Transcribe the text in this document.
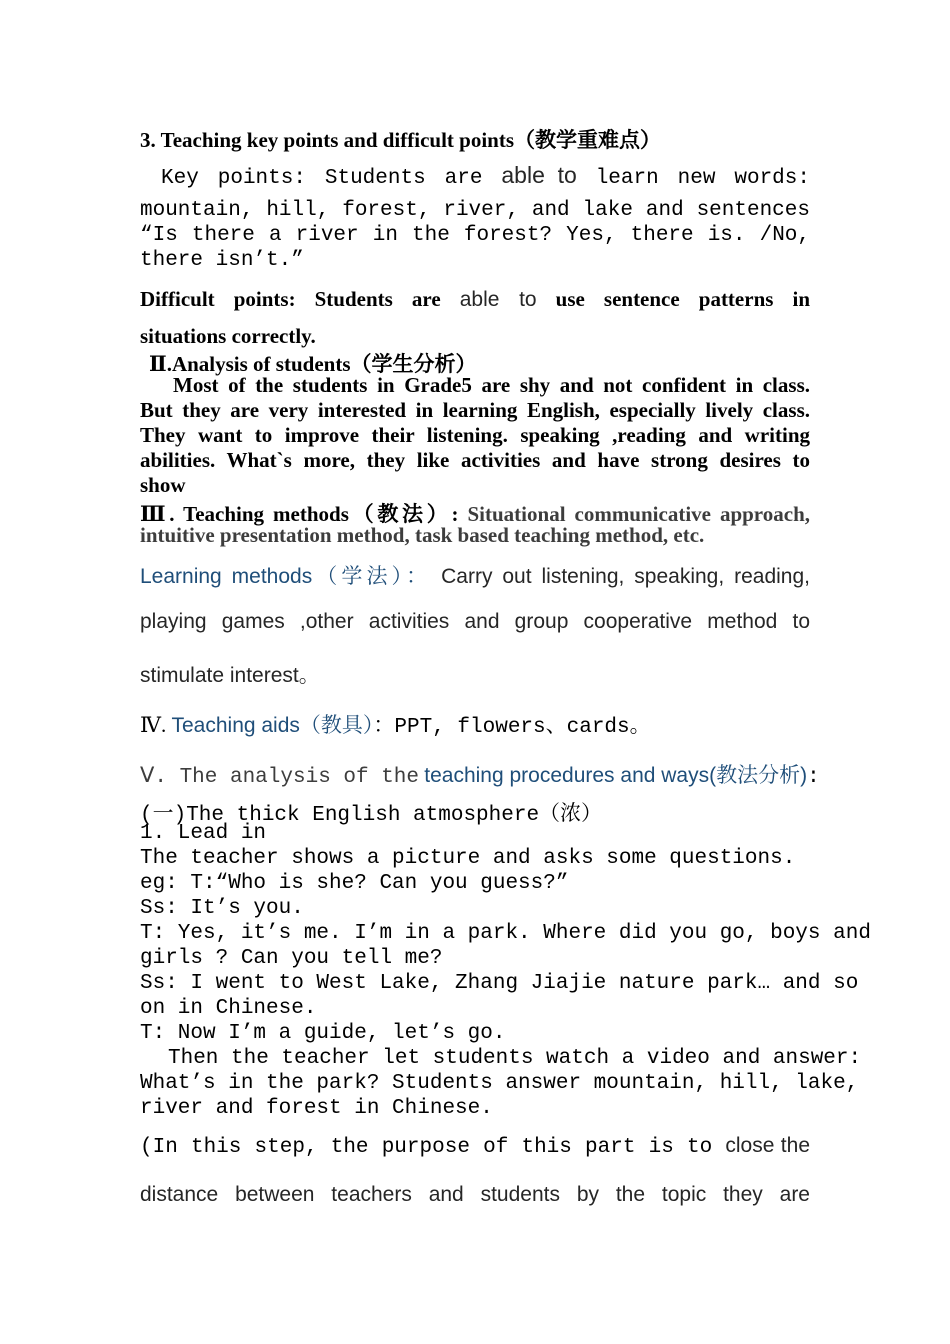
3. Teaching key points and difficult points（教学重难点）
Key points: Students are able to learn new words:
mountain, hill, forest, river, and lake and sentences
“Is there a river in the forest? Yes, there is. /No,
there isn’t.”
Difficult points: Students are able to use sentence patterns in
situations correctly.
Ⅱ.Analysis of students（学生分析）
Most of the students in Grade5 are shy and not confident in class.
But they are very interested in learning English, especially lively class.
They want to improve their listening. speaking ,reading and writing
abilities. What`s more, they like activities and have strong desires to
show
Ⅲ. Teaching methods（教法）: Situational communicative approach,
intuitive presentation method, task based teaching method, etc.
Learning methods（学法）： Carry out listening, speaking, reading,
playing games ,other activities and group cooperative method to
stimulate interest。
Ⅳ. Teaching aids（教具）：PPT, flowers、cards。
Ⅴ. The analysis of the teaching procedures and ways(教法分析):
(一)The thick English atmosphere（浓）
1. Lead in
The teacher shows a picture and asks some questions.
eg: T:“Who is she? Can you guess?”
Ss: It’s you.
T: Yes, it’s me. I’m in a park. Where did you go, boys and
girls ? Can you tell me?
Ss: I went to West Lake, Zhang Jiajie nature park… and so
on in Chinese.
T: Now I’m a guide, let’s go.
Then the teacher let students watch a video and answer:
What’s in the park? Students answer mountain, hill, lake,
river and forest in Chinese.
(In this step, the purpose of this part is to close the
distance between teachers and students by the topic they are
